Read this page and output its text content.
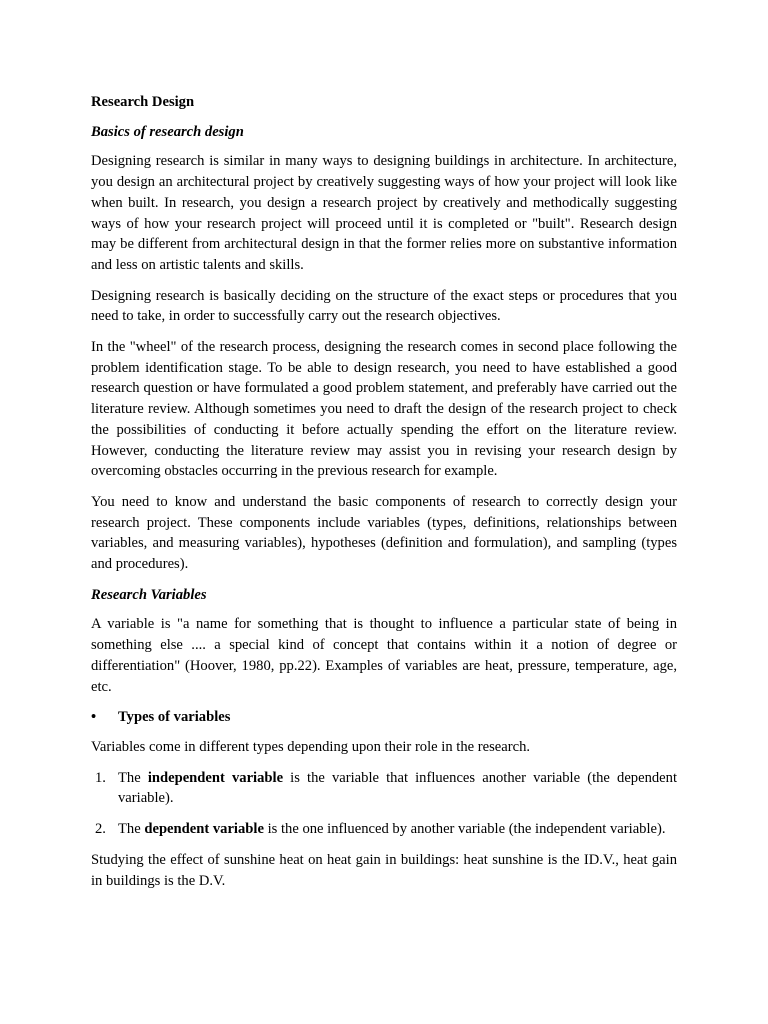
Research Design
Basics of research design

Designing research is similar in many ways to designing buildings in architecture. In architecture, you design an architectural project by creatively suggesting ways of how your project will look like when built. In research, you design a research project by creatively and methodically suggesting ways of how your research project will proceed until it is completed or "built". Research design may be different from architectural design in that the former relies more on substantive information and less on artistic talents and skills.

Designing research is basically deciding on the structure of the exact steps or procedures that you need to take, in order to successfully carry out the research objectives.

In the "wheel" of the research process, designing the research comes in second place following the problem identification stage. To be able to design research, you need to have established a good research question or have formulated a good problem statement, and preferably have carried out the literature review. Although sometimes you need to draft the design of the research project to check the possibilities of conducting it before actually spending the effort on the literature review. However, conducting the literature review may assist you in revising your research design by overcoming obstacles occurring in the previous research for example.

You need to know and understand the basic components of research to correctly design your research project. These components include variables (types, definitions, relationships between variables, and measuring variables), hypotheses (definition and formulation), and sampling (types and procedures).

Research Variables

A variable is "a name for something that is thought to influence a particular state of being in something else .... a special kind of concept that contains within it a notion of degree or differentiation" (Hoover, 1980, pp.22). Examples of variables are heat, pressure, temperature, age, etc.

• Types of variables

Variables come in different types depending upon their role in the research.

1. The independent variable is the variable that influences another variable (the dependent variable).
2. The dependent variable is the one influenced by another variable (the independent variable).

Studying the effect of sunshine heat on heat gain in buildings: heat sunshine is the ID.V., heat gain in buildings is the D.V.
